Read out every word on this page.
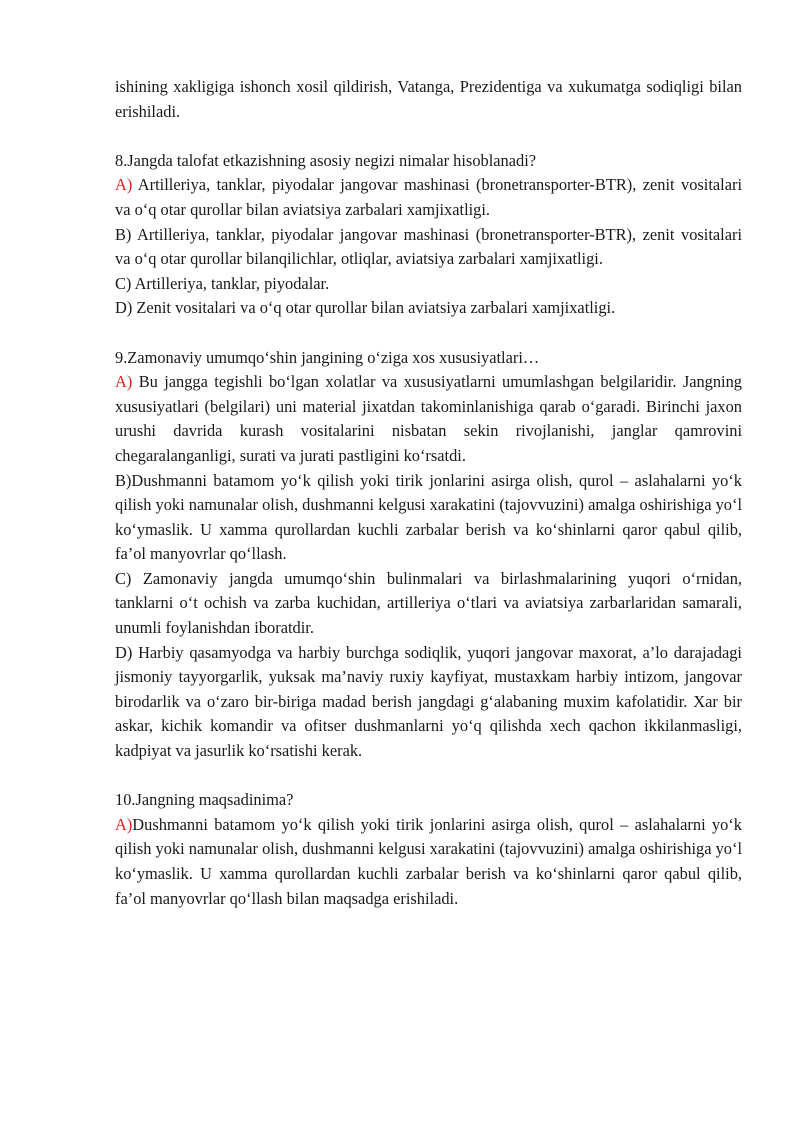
ishining xakligiga ishonch xosil qildirish, Vatanga, Prezidentiga va xukumatga sodiqligi bilan erishiladi.

8.Jangda talofat etkazishning asosiy negizi nimalar hisoblanadi?

A) Artilleriya, tanklar, piyodalar jangovar mashinasi (bronetransporter-BTR), zenit vositalari va o‘q otar qurollar bilan aviatsiya zarbalari xamjixatligi.

B) Artilleriya, tanklar, piyodalar jangovar mashinasi (bronetransporter-BTR), zenit vositalari va o‘q otar qurollar bilanqilichlar, otliqlar, aviatsiya zarbalari xamjixatligi.

C) Artilleriya, tanklar, piyodalar.

D) Zenit vositalari va o‘q otar qurollar bilan aviatsiya zarbalari xamjixatligi.

9.Zamonaviy umumqo‘shin jangining o‘ziga xos xususiyatlari…

A) Bu jangga tegishli bo‘lgan xolatlar va xususiyatlarni umumlashgan belgilaridir. Jangning xususiyatlari (belgilari) uni material jixatdan takominlanishiga qarab o‘garadi. Birinchi jaxon urushi davrida kurash vositalarini nisbatan sekin rivojlanishi, janglar qamrovini chegaralanganligi, surati va jurati pastligini ko‘rsatdi.

B)Dushmanni batamom yo‘k qilish yoki tirik jonlarini asirga olish, qurol – aslahalarni yo‘k qilish yoki namunalar olish, dushmanni kelgusi xarakatini (tajovvuzini) amalga oshirishiga yo‘l ko‘ymaslik. U xamma qurollardan kuchli zarbalar berish va ko‘shinlarni qaror qabul qilib, fa’ol manyovrlar qo‘llash.

C) Zamonaviy jangda umumqo‘shin bulinmalari va birlashmalarining yuqori o‘rnidan, tanklarni o‘t ochish va zarba kuchidan, artilleriya o‘tlari va aviatsiya zarbarlaridan samarali, unumli foylanishdan iboratdir.

D) Harbiy qasamyodga va harbiy burchga sodiqlik, yuqori jangovar maxorat, a’lo darajadagi jismoniy tayyorgarlik, yuksak ma’naviy ruxiy kayfiyat, mustaxkam harbiy intizom, jangovar birodarlik va o‘zaro bir-biriga madad berish jangdagi g‘alabaning muxim kafolatidir. Xar bir askar, kichik komandir va ofitser dushmanlarni yo‘q qilishda xech qachon ikkilanmasligi, kadpiyat va jasurlik ko‘rsatishi kerak.

10.Jangning maqsadinima?

A)Dushmanni batamom yo‘k qilish yoki tirik jonlarini asirga olish, qurol – aslahalarni yo‘k qilish yoki namunalar olish, dushmanni kelgusi xarakatini (tajovvuzini) amalga oshirishiga yo‘l ko‘ymaslik. U xamma qurollardan kuchli zarbalar berish va ko‘shinlarni qaror qabul qilib, fa’ol manyovrlar qo‘llash bilan maqsadga erishiladi.
